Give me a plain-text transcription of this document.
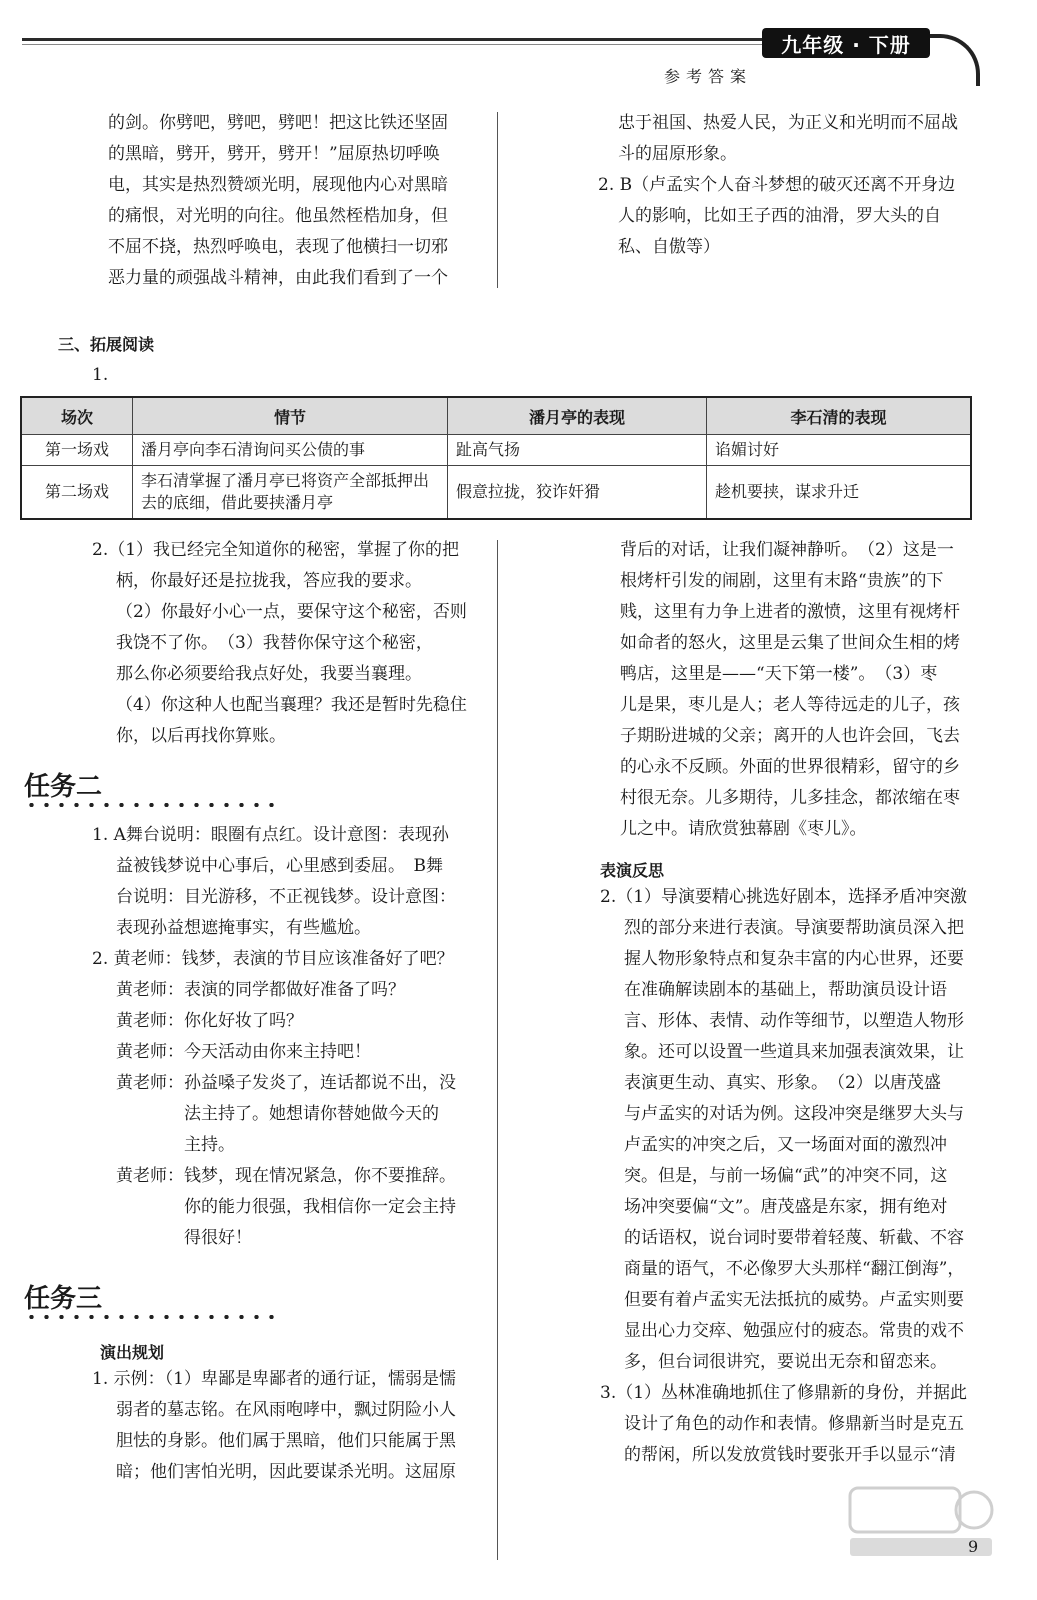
九年级 · 下册
参考答案

的剑。你劈吧，劈吧，劈吧！把这比铁还坚固

的黑暗，劈开，劈开，劈开！”屈原热切呼唤

电，其实是热烈赞颂光明，展现他内心对黑暗

的痛恨，对光明的向往。他虽然桎梏加身，但

不屈不挠，热烈呼唤电，表现了他横扫一切邪

恶力量的顽强战斗精神，由此我们看到了一个

忠于祖国、热爱人民，为正义和光明而不屈战

斗的屈原形象。

2. B（卢孟实个人奋斗梦想的破灭还离不开身边

人的影响，比如王子西的油滑，罗大头的自

私、自傲等）

三、拓展阅读
1.
场次	情节	潘月亭的表现	李石清的表现
第一场戏	潘月亭向李石清询问买公债的事	趾高气扬	谄媚讨好
第二场戏	李石清掌握了潘月亭已将资产全部抵押出去的底细，借此要挟潘月亭	假意拉拢，狡诈奸猾	趁机要挟，谋求升迁

2.（1）我已经完全知道你的秘密，掌握了你的把

柄，你最好还是拉拢我，答应我的要求。

（2）你最好小心一点，要保守这个秘密，否则

我饶不了你。　（3）我替你保守这个秘密，

那么你必须要给我点好处，我要当襄理。

（4）你这种人也配当襄理？我还是暂时先稳住

你，以后再找你算账。

任务二

1. A舞台说明：眼圈有点红。设计意图：表现孙

益被钱梦说中心事后，心里感到委屈。　B舞

台说明：目光游移，不正视钱梦。设计意图：

表现孙益想遮掩事实，有些尴尬。

2. 黄老师：钱梦，表演的节目应该准备好了吧？

黄老师：表演的同学都做好准备了吗？

黄老师：你化好妆了吗？

黄老师：今天活动由你来主持吧！

黄老师：孙益嗓子发炎了，连话都说不出，没

法主持了。她想请你替她做今天的

主持。

黄老师：钱梦，现在情况紧急，你不要推辞。

你的能力很强，我相信你一定会主持

得很好！

任务三
演出规划

1. 示例：（1）卑鄙是卑鄙者的通行证，懦弱是懦

弱者的墓志铭。在风雨咆哮中，飘过阴险小人

胆怯的身影。他们属于黑暗，他们只能属于黑

暗；他们害怕光明，因此要谋杀光明。这屈原

背后的对话，让我们凝神静听。　（2）这是一

根烤杆引发的闹剧，这里有末路“贵族”的下

贱，这里有力争上进者的激愤，这里有视烤杆

如命者的怒火，这里是云集了世间众生相的烤

鸭店，这里是——“天下第一楼”。　（3）枣

儿是果，枣儿是人；老人等待远走的儿子，孩

子期盼进城的父亲；离开的人也许会回，飞去

的心永不反顾。外面的世界很精彩，留守的乡

村很无奈。儿多期待，儿多挂念，都浓缩在枣

儿之中。请欣赏独幕剧《枣儿》。

表演反思

2.（1）导演要精心挑选好剧本，选择矛盾冲突激

烈的部分来进行表演。导演要帮助演员深入把

握人物形象特点和复杂丰富的内心世界，还要

在准确解读剧本的基础上，帮助演员设计语

言、形体、表情、动作等细节，以塑造人物形

象。还可以设置一些道具来加强表演效果，让

表演更生动、真实、形象。　（2）以唐茂盛

与卢孟实的对话为例。这段冲突是继罗大头与

卢孟实的冲突之后，又一场面对面的激烈冲

突。但是，与前一场偏“武”的冲突不同，这

场冲突要偏“文”。唐茂盛是东家，拥有绝对

的话语权，说台词时要带着轻蔑、斩截、不容

商量的语气，不必像罗大头那样“翻江倒海”，

但要有着卢孟实无法抵抗的威势。卢孟实则要

显出心力交瘁、勉强应付的疲态。常贵的戏不

多，但台词很讲究，要说出无奈和留恋来。

3.（1）丛林准确地抓住了修鼎新的身份，并据此

设计了角色的动作和表情。修鼎新当时是克五

的帮闲，所以发放赏钱时要张开手以显示“清

9
